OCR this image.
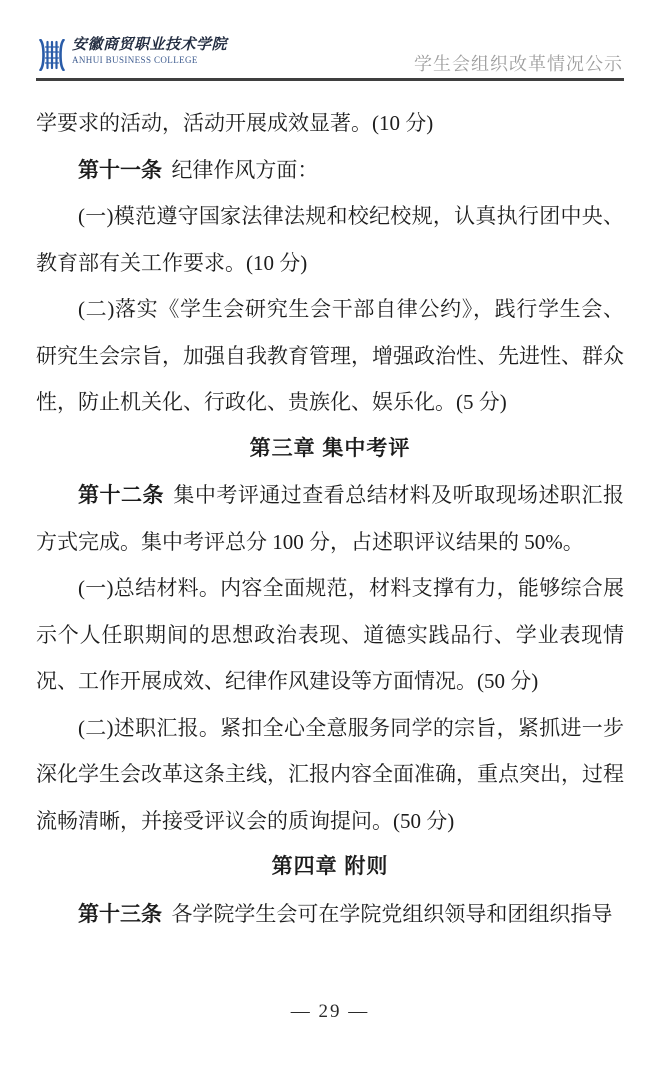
安徽商贸职业技术学院
ANHUI BUSINESS COLLEGE	学生会组织改革情况公示

学要求的活动，活动开展成效显著。(10 分)

第十一条 纪律作风方面：

(一)模范遵守国家法律法规和校纪校规，认真执行团中央、教育部有关工作要求。(10 分)

(二)落实《学生会研究生会干部自律公约》，践行学生会、研究生会宗旨，加强自我教育管理，增强政治性、先进性、群众性，防止机关化、行政化、贵族化、娱乐化。(5 分)

第三章 集中考评

第十二条 集中考评通过查看总结材料及听取现场述职汇报方式完成。集中考评总分 100 分，占述职评议结果的 50%。

(一)总结材料。内容全面规范，材料支撑有力，能够综合展示个人任职期间的思想政治表现、道德实践品行、学业表现情况、工作开展成效、纪律作风建设等方面情况。(50 分)

(二)述职汇报。紧扣全心全意服务同学的宗旨，紧抓进一步深化学生会改革这条主线，汇报内容全面准确，重点突出，过程流畅清晰，并接受评议会的质询提问。(50 分)

第四章 附则

第十三条 各学院学生会可在学院党组织领导和团组织指导

— 29 —
